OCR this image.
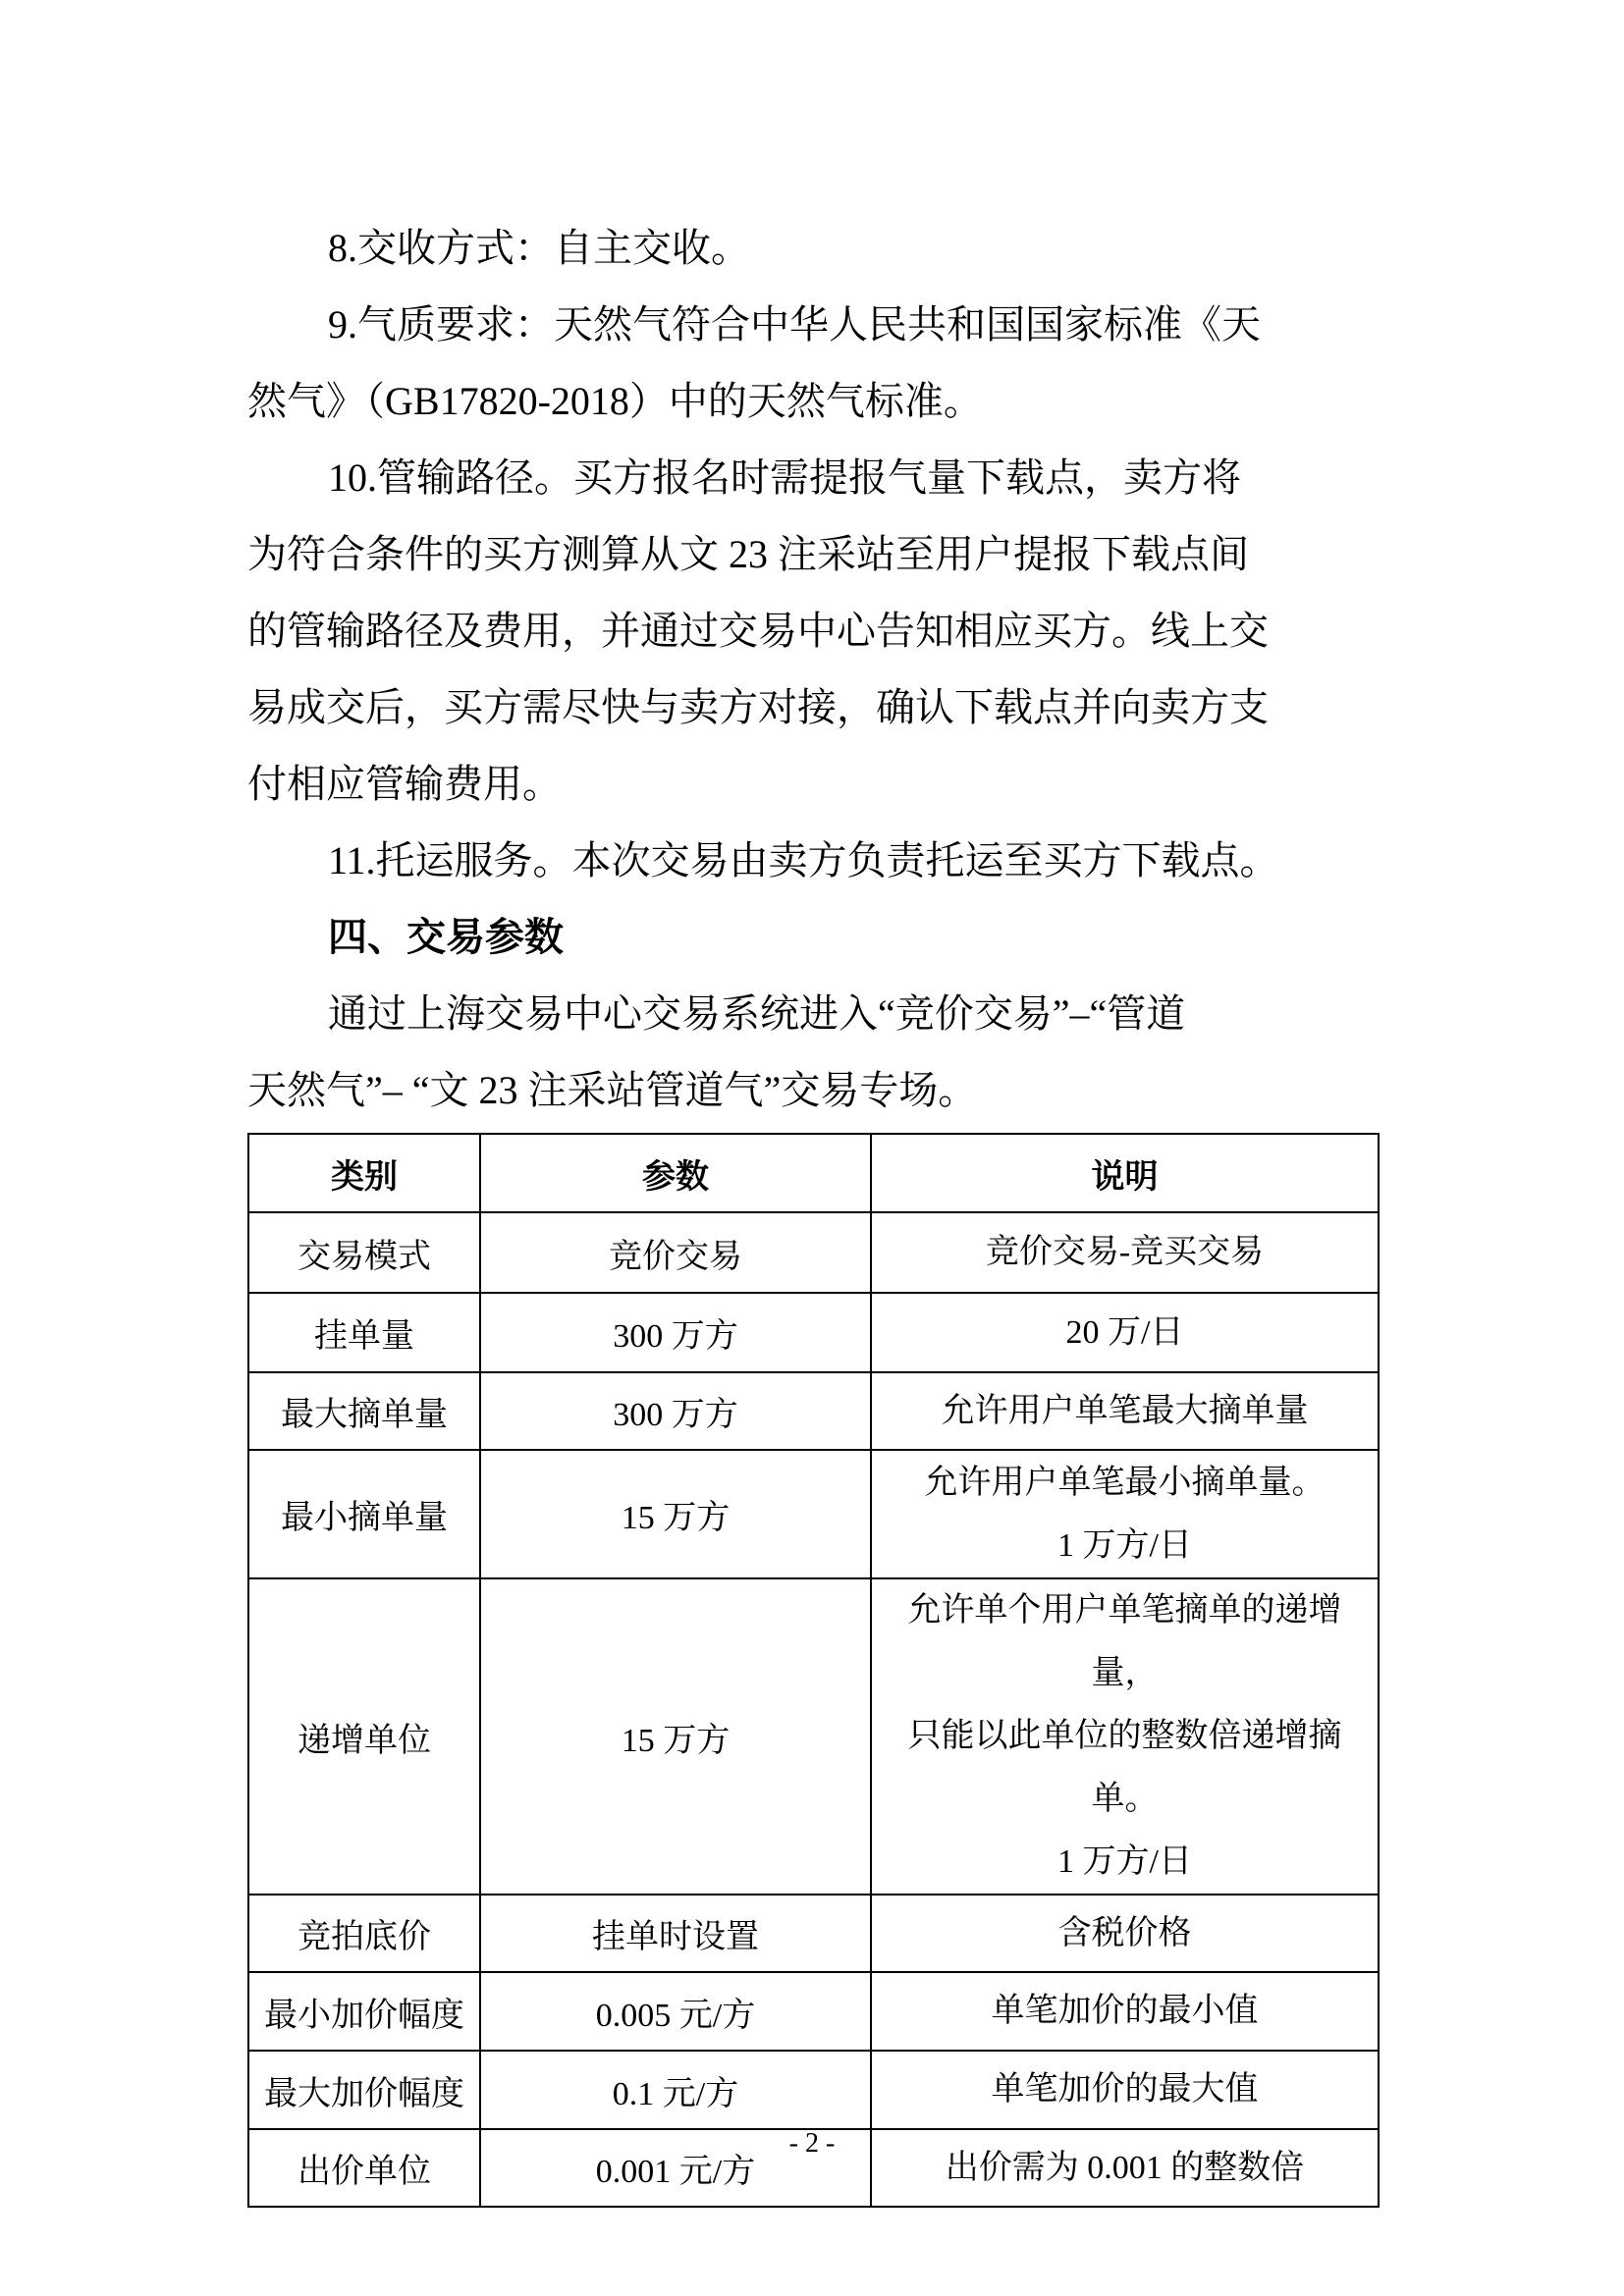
8.交收方式：自主交收。
9.气质要求：天然气符合中华人民共和国国家标准《天
然气》（GB17820-2018）中的天然气标准。
10.管输路径。买方报名时需提报气量下载点，卖方将
为符合条件的买方测算从文 23 注采站至用户提报下载点间
的管输路径及费用，并通过交易中心告知相应买方。线上交
易成交后，买方需尽快与卖方对接，确认下载点并向卖方支
付相应管输费用。
11.托运服务。本次交易由卖方负责托运至买方下载点。
四、交易参数
通过上海交易中心交易系统进入“竞价交易”–“管道
天然气”– “文 23 注采站管道气”交易专场。
类别	参数	说明
交易模式	竞价交易	竞价交易-竞买交易

挂单量	300 万方	20 万/日

最大摘单量	300 万方	允许用户单笔最大摘单量

最小摘单量	15 万方	允许用户单笔最小摘单量。
1 万方/日

递增单位	15 万方	允许单个用户单笔摘单的递增量，
只能以此单位的整数倍递增摘单。
1 万方/日

竞拍底价	挂单时设置	含税价格

最小加价幅度	0.005 元/方	单笔加价的最小值

最大加价幅度	0.1 元/方	单笔加价的最大值

出价单位	0.001 元/方	出价需为 0.001 的整数倍
- 2 -
